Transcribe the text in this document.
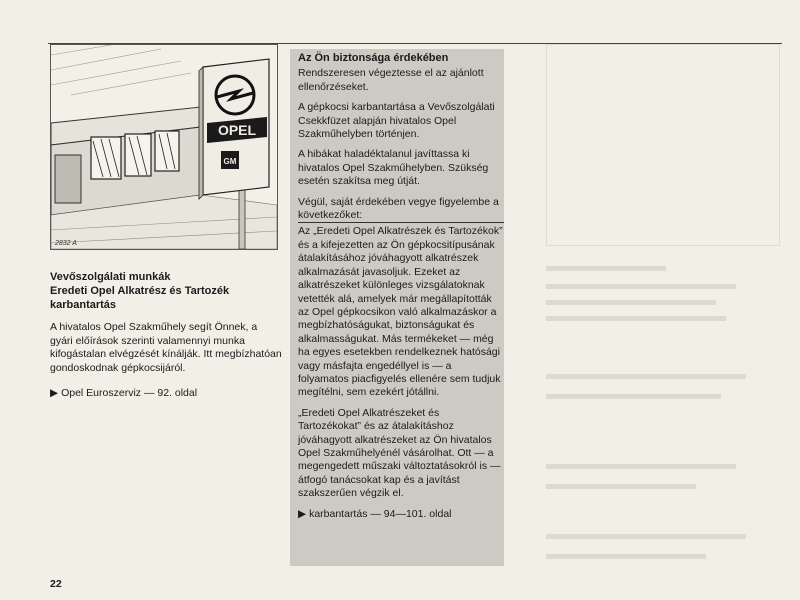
OPEL
GM
2832 A
Vevőszolgálati munkák
Eredeti Opel Alkatrész és Tartozék karbantartás

A hivatalos Opel Szakműhely segít Önnek, a gyári előírások szerinti valamennyi munka kifogástalan elvégzését kínálják. Itt megbízhatóan gondoskodnak gépkocsijáról.

▶ Opel Euroszerviz — 92. oldal
Az Ön biztonsága érdekében

Rendszeresen végeztesse el az ajánlott ellenőrzéseket.

A gépkocsi karbantartása a Vevőszolgálati Csekkfüzet alapján hivatalos Opel Szakműhelyben történjen.

A hibákat haladéktalanul javíttassa ki hivatalos Opel Szakműhelyben. Szükség esetén szakítsa meg útját.

Végül, saját érdekében vegye figyelembe a következőket:

Az „Eredeti Opel Alkatrészek és Tartozékok” és a kifejezetten az Ön gépkocsitípusának átalakításához jóváhagyott alkatrészek alkalmazását javasoljuk. Ezeket az alkatrészeket különleges vizsgálatoknak vetették alá, amelyek már megállapították az Opel gépkocsikon való alkalmazáskor a megbízhatóságukat, biztonságukat és alkalmasságukat. Más termékeket — még ha egyes esetekben rendelkeznek hatósági vagy másfajta engedéllyel is — a folyamatos piacfigyelés ellenére sem tudjuk megítélni, sem ezekért jótállni.

„Eredeti Opel Alkatrészeket és Tartozékokat” és az átalakításhoz jóváhagyott alkatrészeket az Ön hivatalos Opel Szakműhelyénél vásárolhat. Ott — a megengedett műszaki változtatásokról is — átfogó tanácsokat kap és a javítást szakszerűen végzik el.

▶ karbantartás — 94—101. oldal
22
